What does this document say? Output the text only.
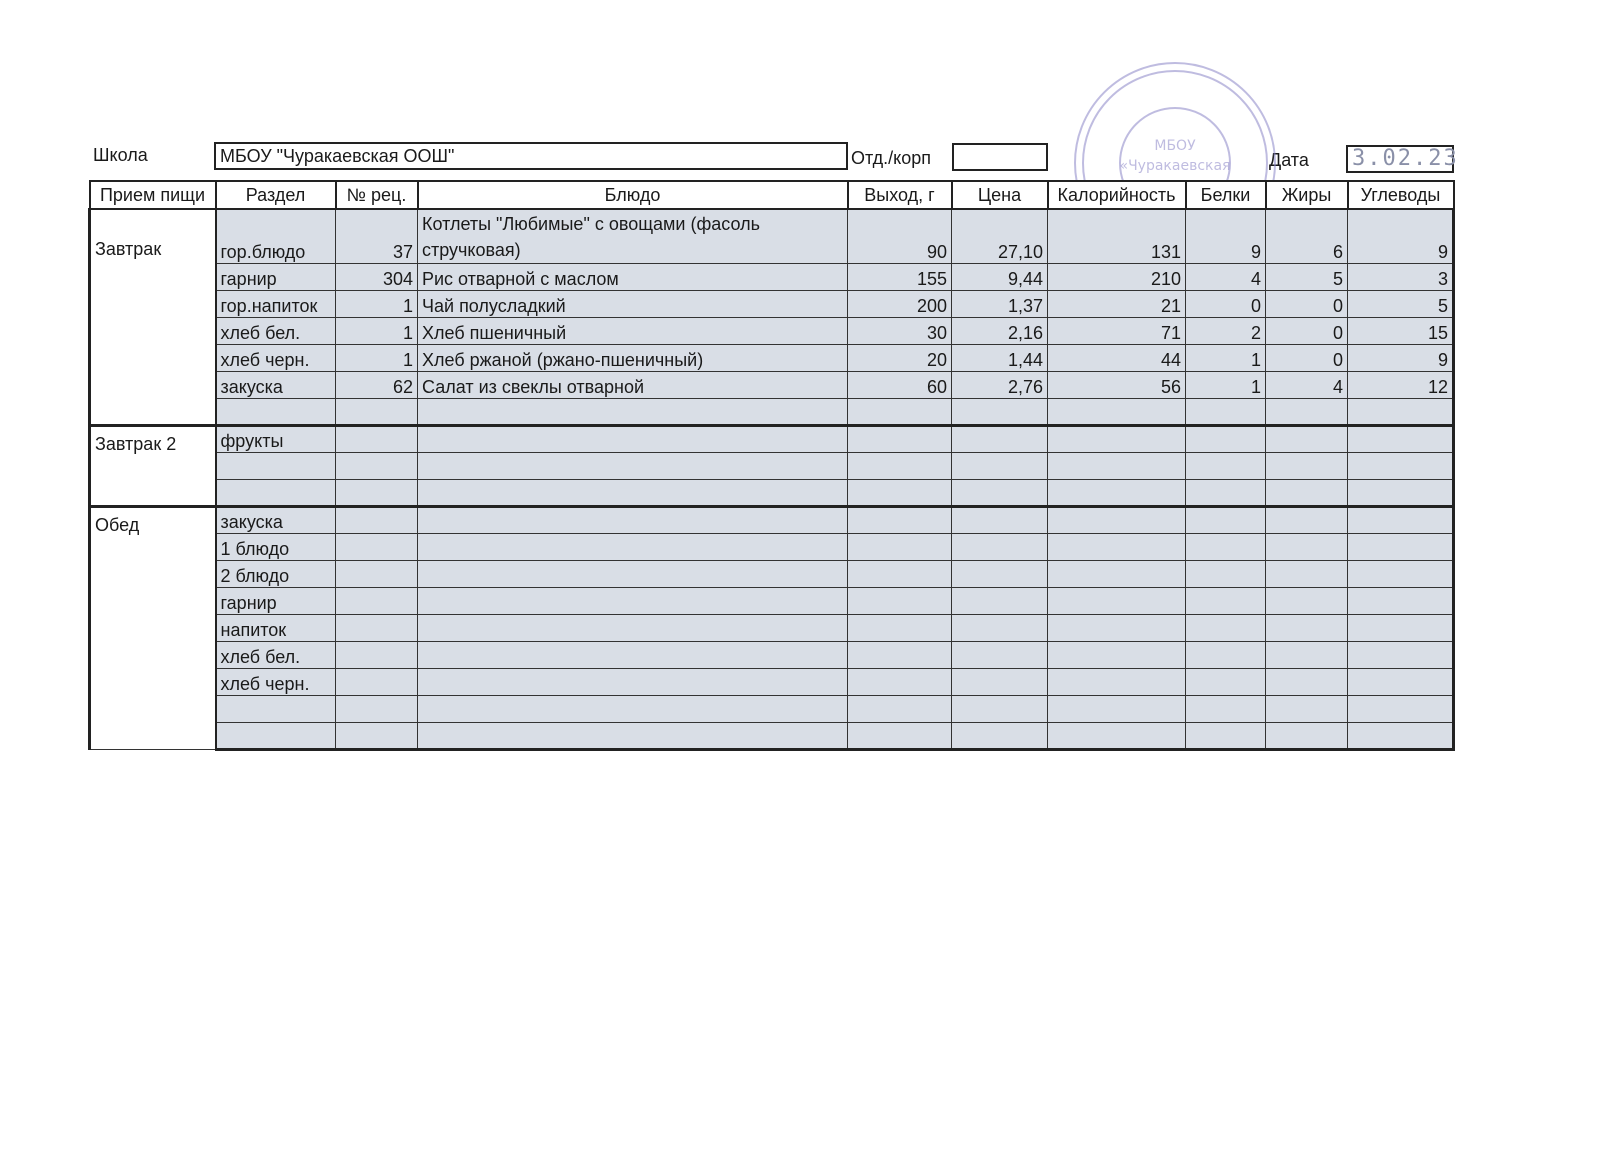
Школа	МБОУ "Чуракаевская ООШ"	Отд./корп	Дата 3.02.23
МБОУ
«Чуракаевская
Прием пищи	Раздел	№ рец.	Блюдо	Выход, г	Цена	Калорийность	Белки	Жиры	Углеводы
Завтрак	гор.блюдо	37	Котлеты "Любимые" с овощами (фасоль стручковая)	90	27,10	131	9	6	9
	гарнир	304	Рис отварной с маслом	155	9,44	210	4	5	3
	гор.напиток	1	Чай полусладкий	200	1,37	21	0	0	5
	хлеб бел.	1	Хлеб пшеничный	30	2,16	71	2	0	15
	хлеб черн.	1	Хлеб ржаной (ржано-пшеничный)	20	1,44	44	1	0	9
	закуска	62	Салат из свеклы отварной	60	2,76	56	1	4	12

Завтрак 2	фрукты								

Обед	закуска								
	1 блюдо								
	2 блюдо								
	гарнир								
	напиток								
	хлеб бел.								
	хлеб черн.								
